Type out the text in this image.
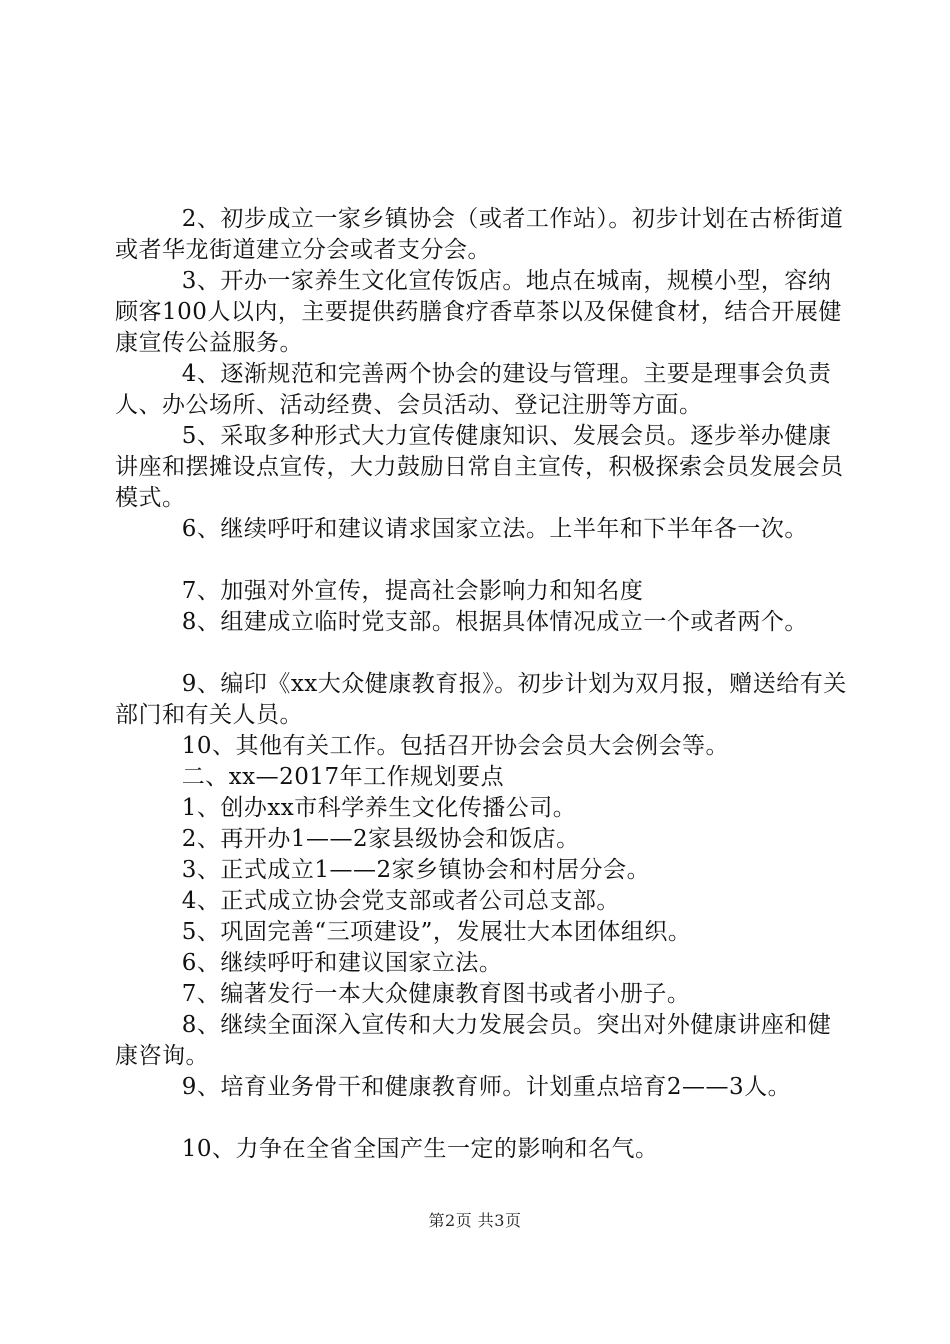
2、初步成立一家乡镇协会（或者工作站）。初步计划在古桥街道或者华龙街道建立分会或者支分会。

3、开办一家养生文化宣传饭店。地点在城南，规模小型，容纳顾客100人以内，主要提供药膳食疗香草茶以及保健食材，结合开展健康宣传公益服务。

4、逐渐规范和完善两个协会的建设与管理。主要是理事会负责人、办公场所、活动经费、会员活动、登记注册等方面。

5、采取多种形式大力宣传健康知识、发展会员。逐步举办健康讲座和摆摊设点宣传，大力鼓励日常自主宣传，积极探索会员发展会员模式。

6、继续呼吁和建议请求国家立法。上半年和下半年各一次。

7、加强对外宣传，提高社会影响力和知名度

8、组建成立临时党支部。根据具体情况成立一个或者两个。

9、编印《xx大众健康教育报》。初步计划为双月报，赠送给有关部门和有关人员。

10、其他有关工作。包括召开协会会员大会例会等。

二、xx—2017年工作规划要点

1、创办xx市科学养生文化传播公司。

2、再开办1——2家县级协会和饭店。

3、正式成立1——2家乡镇协会和村居分会。

4、正式成立协会党支部或者公司总支部。

5、巩固完善“三项建设”，发展壮大本团体组织。

6、继续呼吁和建议国家立法。

7、编著发行一本大众健康教育图书或者小册子。

8、继续全面深入宣传和大力发展会员。突出对外健康讲座和健康咨询。

9、培育业务骨干和健康教育师。计划重点培育2——3人。

10、力争在全省全国产生一定的影响和名气。

第2页 共3页
